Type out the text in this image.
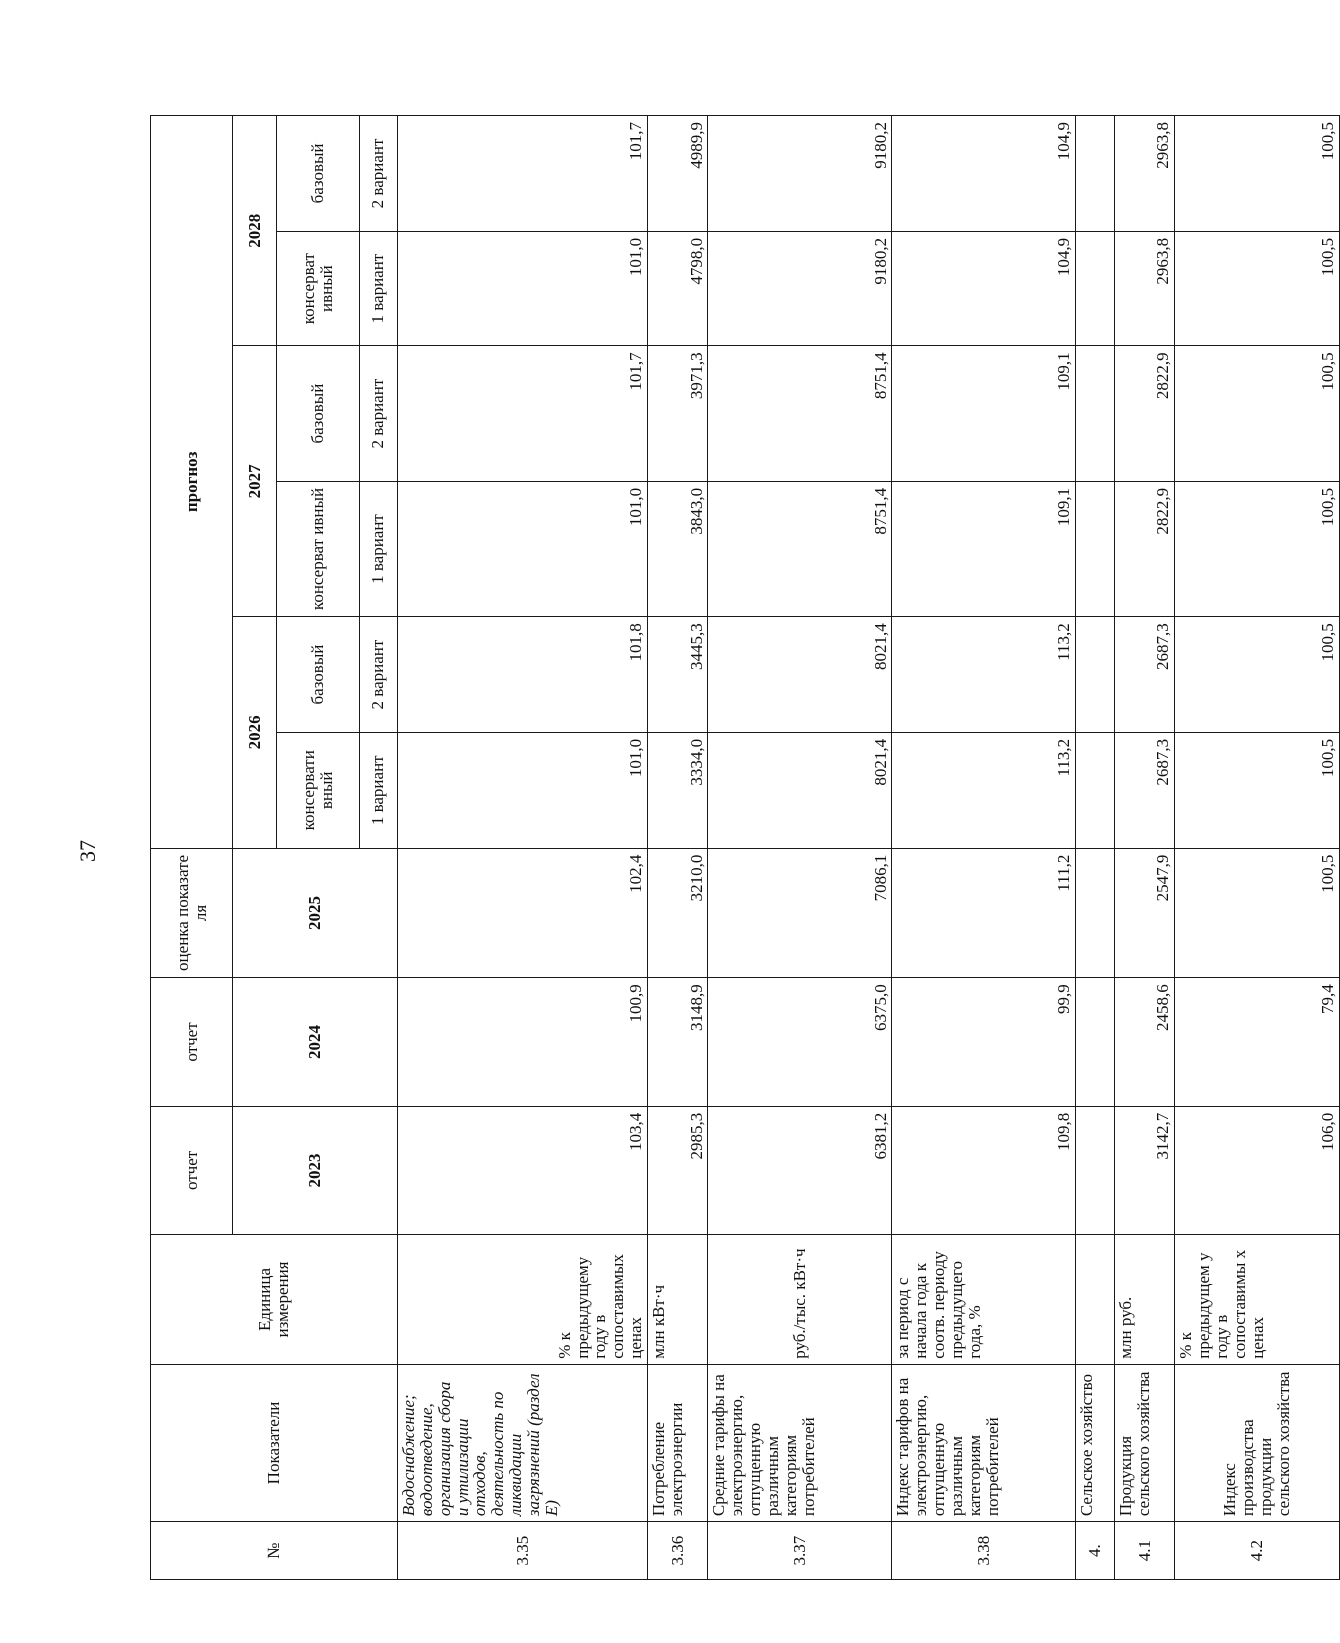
37
№	Показатели	Единица измерения	отчет	отчет	оценка показате ля	прогноз					
			2023	2024	2025	2026		2027		2028	
						консервати вный	базовый	консерват ивный	базовый	консерват ивный	базовый
						1 вариант	2 вариант	1 вариант	2 вариант	1 вариант	2 вариант
3.35	Водоснабжение; водоотведение, организация сбора и утилизации отходов, деятельность по ликвидации загрязнений (раздел Е)	% к предыдущему году в сопоставимых ценах	103,4	100,9	102,4	101,0	101,8	101,0	101,7	101,0	101,7
3.36	Потребление электроэнергии	млн кВт·ч	2985,3	3148,9	3210,0	3334,0	3445,3	3843,0	3971,3	4798,0	4989,9
3.37	Средние тарифы на электроэнергию, отпущенную различным категориям потребителей	руб./тыс. кВт·ч	6381,2	6375,0	7086,1	8021,4	8021,4	8751,4	8751,4	9180,2	9180,2
3.38	Индекс тарифов на электроэнергию, отпущенную различным категориям потребителей	за период с начала года к соотв. периоду предыдущего года, %	109,8	99,9	111,2	113,2	113,2	109,1	109,1	104,9	104,9
4.	Сельское хозяйство										
4.1	Продукция сельского хозяйства	млн руб.	3142,7	2458,6	2547,9	2687,3	2687,3	2822,9	2822,9	2963,8	2963,8
4.2	Индекс производства продукции сельского хозяйства	% к предыдущем у году в сопоставимы х ценах	106,0	79,4	100,5	100,5	100,5	100,5	100,5	100,5	100,5
